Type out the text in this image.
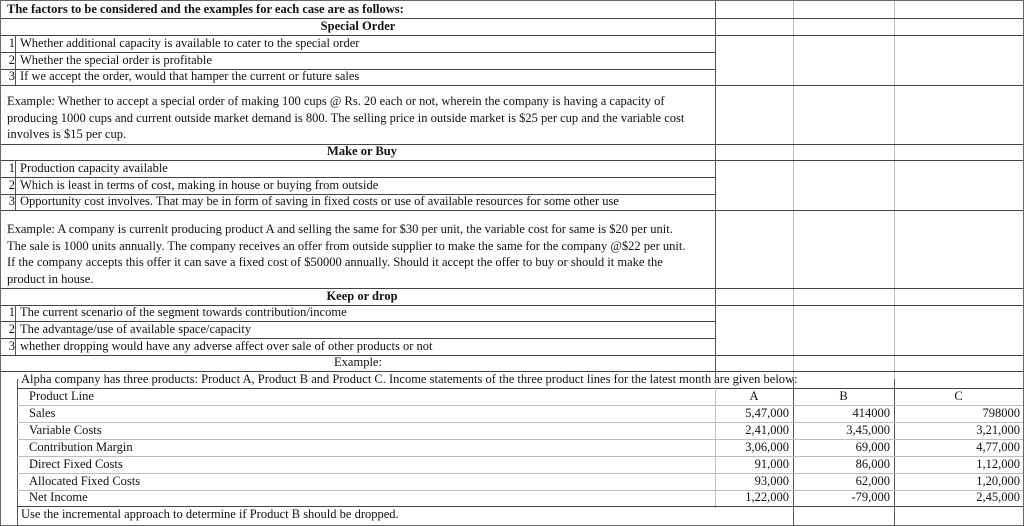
The factors to be considered and the examples for each case are as follows:
Special Order
1 Whether additional capacity is available to cater to the special order
2 Whether the special order is profitable
3 If we accept the order, would that hamper the current or future sales
Example: Whether to accept a special order of making 100 cups @ Rs. 20 each or not, wherein the company is having a capacity of
producing 1000 cups and current outside market demand is 800. The selling price in outside market is $25 per cup and the variable cost
involves is $15 per cup.
Make or Buy
1 Production capacity available
2 Which is least in terms of cost, making in house or buying from outside
3 Opportunity cost involves. That may be in form of saving in fixed costs or use of available resources for some other use
Example: A company is currenlt producing product A and selling the same for $30 per unit, the variable cost for same is $20 per unit.
The sale is 1000 units annually. The company receives an offer from outside supplier to make the same for the company @$22 per unit.
If the company accepts this offer it can save a fixed cost of $50000 annually. Should it accept the offer to buy or should it make the
product in house.
Keep or drop
1 The current scenario of the segment towards contribution/income
2 The advantage/use of available space/capacity
3 whether dropping would have any adverse affect over sale of other products or not
Example:
Alpha company has three products: Product A, Product B and Product C. Income statements of the three product lines for the latest month are given below:
Product Line	A	B	C
Sales	5,47,000	414000	798000
Variable Costs	2,41,000	3,45,000	3,21,000
Contribution Margin	3,06,000	69,000	4,77,000
Direct Fixed Costs	91,000	86,000	1,12,000
Allocated Fixed Costs	93,000	62,000	1,20,000
Net Income	1,22,000	-79,000	2,45,000
Use the incremental approach to determine if Product B should be dropped.
